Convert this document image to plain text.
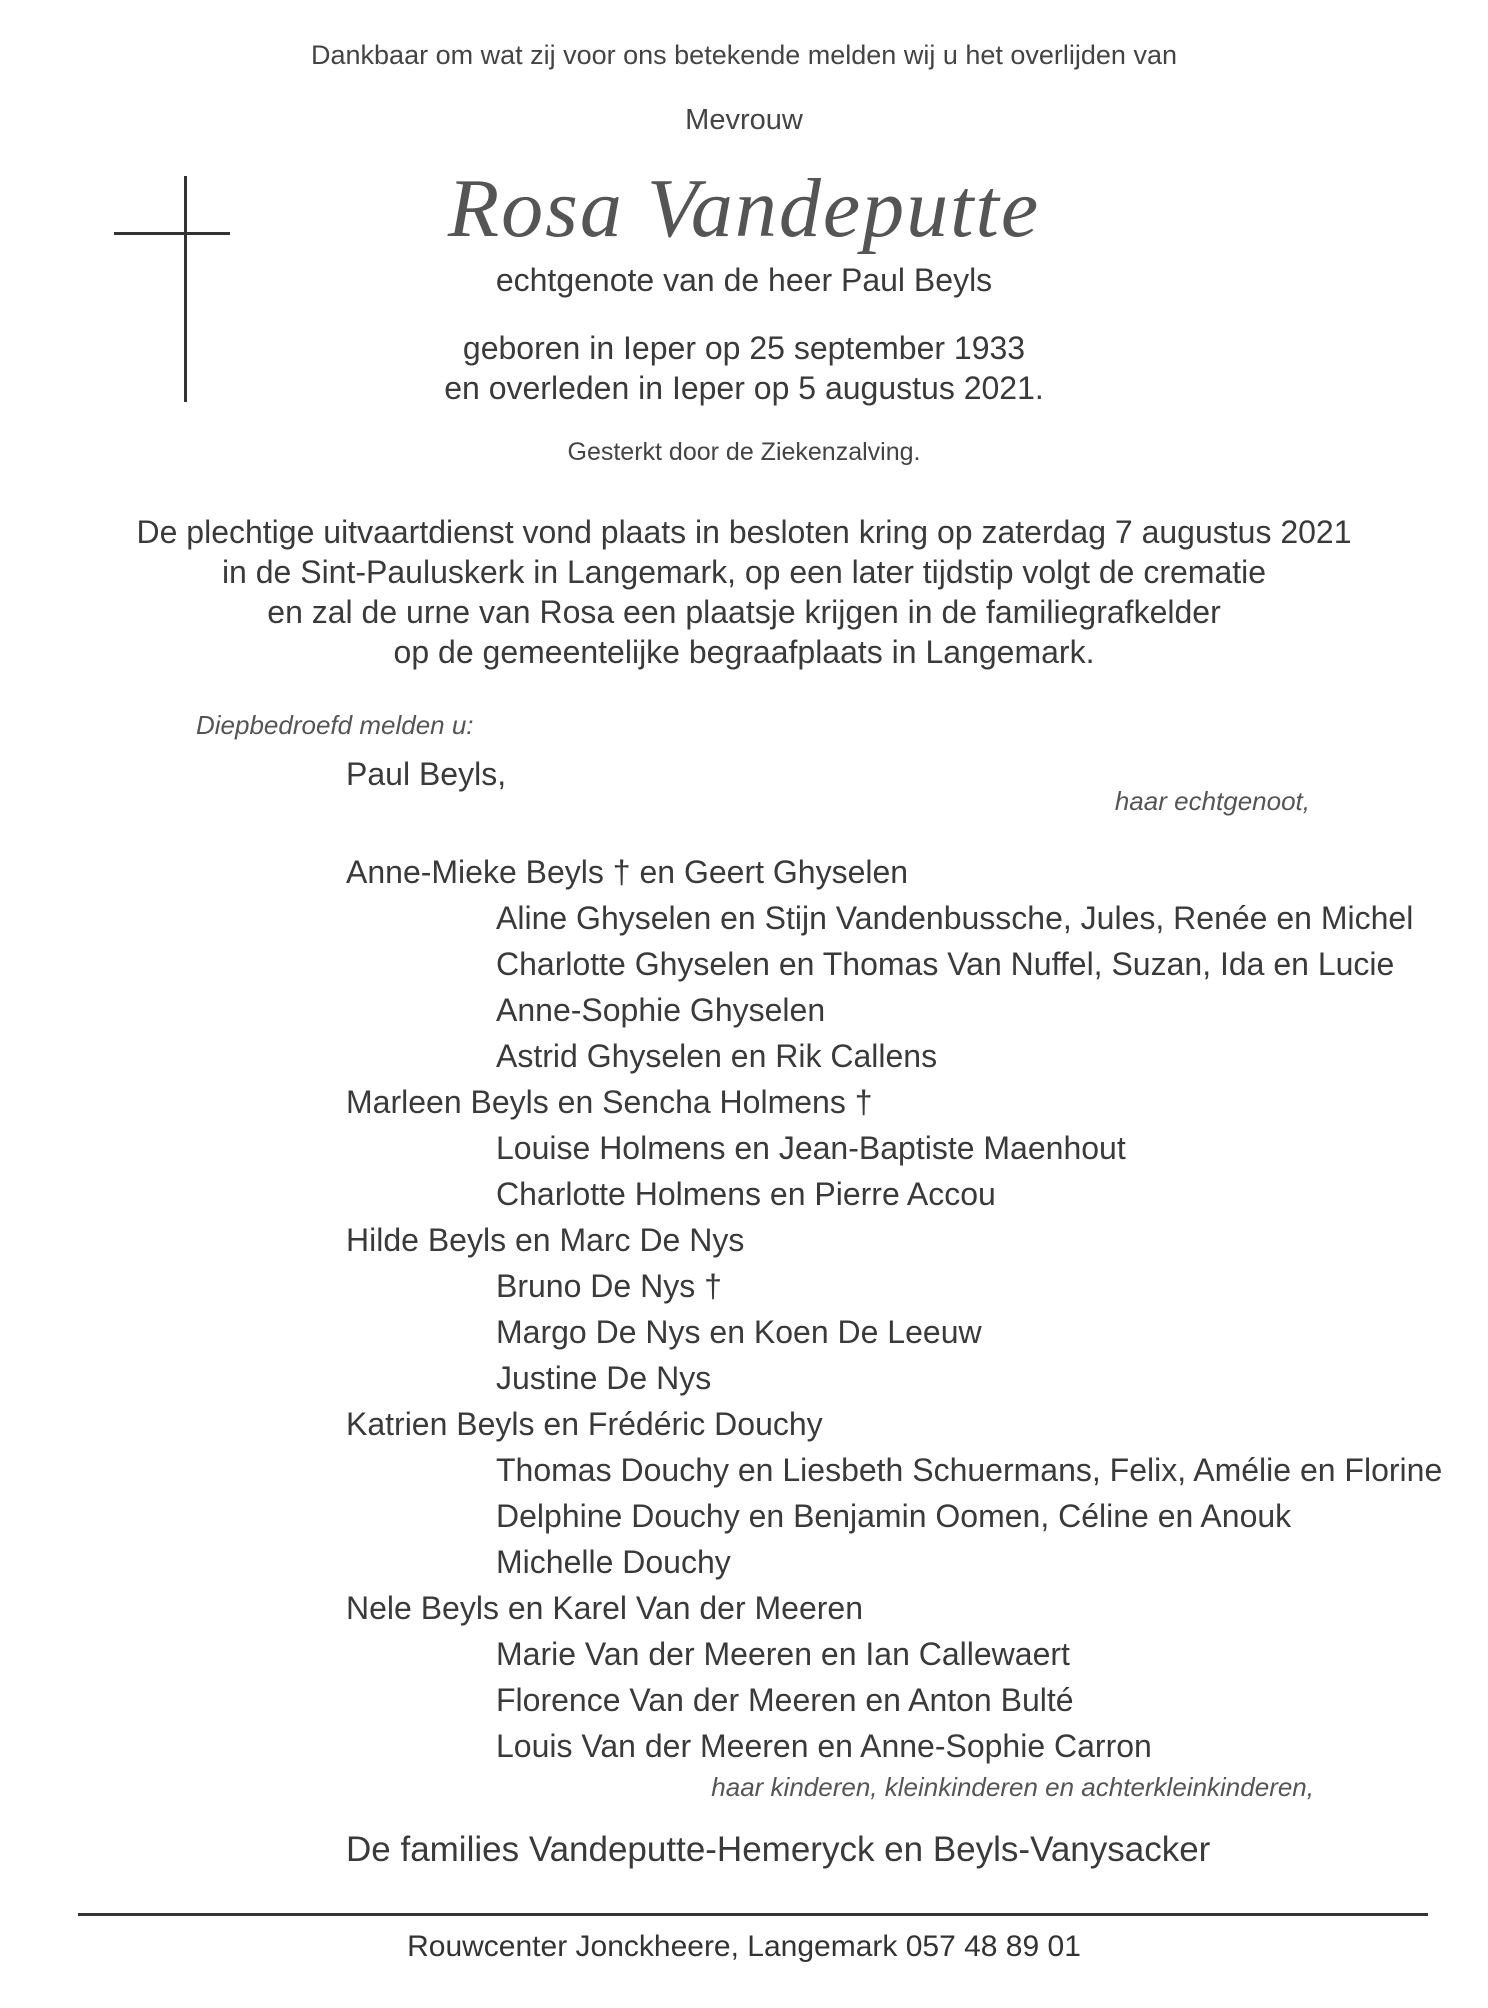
Dankbaar om wat zij voor ons betekende melden wij u het overlijden van
Mevrouw
Rosa Vandeputte
echtgenote van de heer Paul Beyls
geboren in Ieper op 25 september 1933
en overleden in Ieper op 5 augustus 2021.
Gesterkt door de Ziekenzalving.
De plechtige uitvaartdienst vond plaats in besloten kring op zaterdag 7 augustus 2021
in de Sint-Pauluskerk in Langemark, op een later tijdstip volgt de crematie
en zal de urne van Rosa een plaatsje krijgen in de familiegrafkelder
op de gemeentelijke begraafplaats in Langemark.
Diepbedroefd melden u:
Paul Beyls,
haar echtgenoot,
Anne-Mieke Beyls † en Geert Ghyselen
Aline Ghyselen en Stijn Vandenbussche, Jules, Renée en Michel
Charlotte Ghyselen en Thomas Van Nuffel, Suzan, Ida en Lucie
Anne-Sophie Ghyselen
Astrid Ghyselen en Rik Callens
Marleen Beyls en Sencha Holmens †
Louise Holmens en Jean-Baptiste Maenhout
Charlotte Holmens en Pierre Accou
Hilde Beyls en Marc De Nys
Bruno De Nys †
Margo De Nys en Koen De Leeuw
Justine De Nys
Katrien Beyls en Frédéric Douchy
Thomas Douchy en Liesbeth Schuermans, Felix, Amélie en Florine
Delphine Douchy en Benjamin Oomen, Céline en Anouk
Michelle Douchy
Nele Beyls en Karel Van der Meeren
Marie Van der Meeren en Ian Callewaert
Florence Van der Meeren en Anton Bulté
Louis Van der Meeren en Anne-Sophie Carron
haar kinderen, kleinkinderen en achterkleinkinderen,
De families Vandeputte-Hemeryck en Beyls-Vanysacker
Rouwcenter Jonckheere, Langemark 057 48 89 01
